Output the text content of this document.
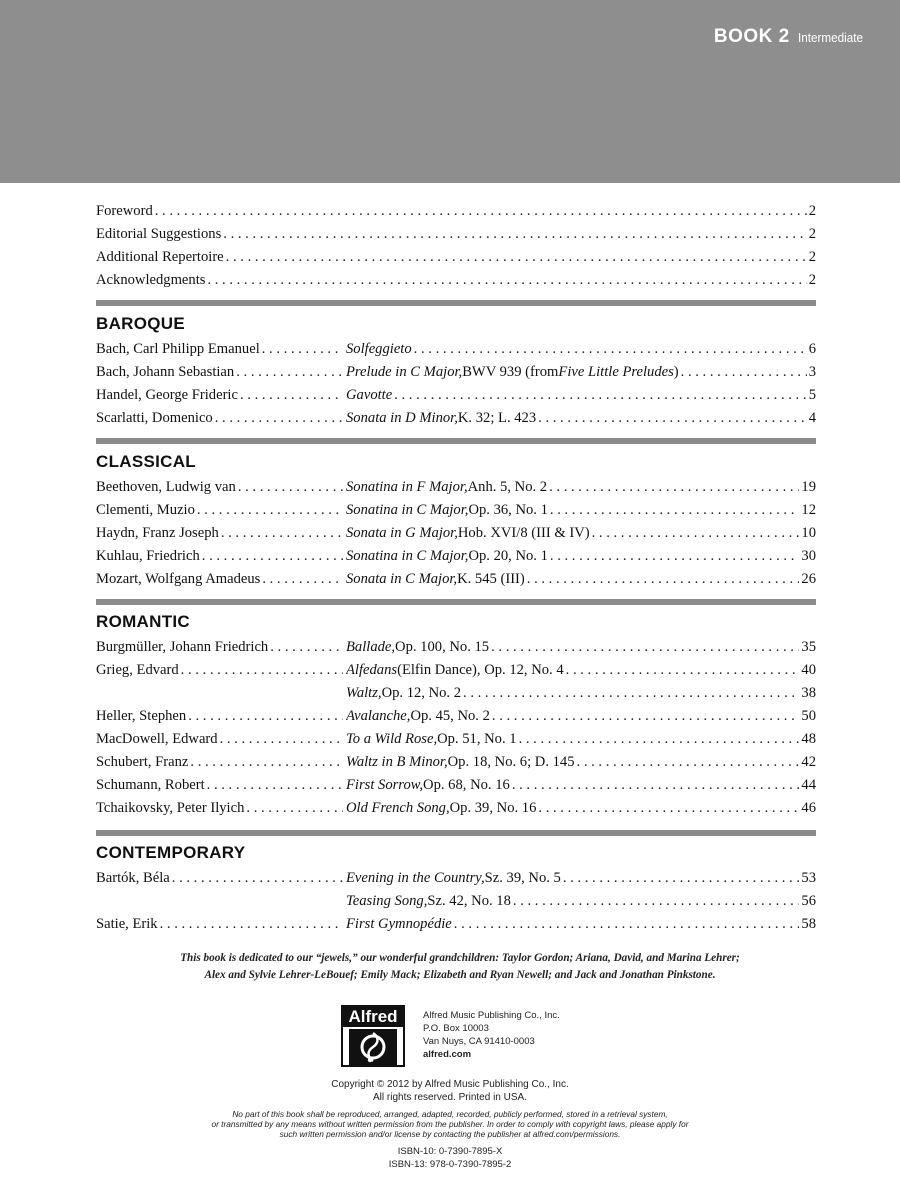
BOOK 2 Intermediate
Foreword . . .	2
Editorial Suggestions . . .	2
Additional Repertoire . . .	2
Acknowledgments . . .	2
BAROQUE
Bach, Carl Philipp Emanuel . . .	Solfeggieto . . .	6
Bach, Johann Sebastian . . .	Prelude in C Major, BWV 939 (from Five Little Preludes ) . . .	3
Handel, George Frideric . . .	Gavotte . . .	5
Scarlatti, Domenico . . .	Sonata in D Minor, K. 32; L. 423 . . .	4
CLASSICAL
Beethoven, Ludwig van . . .	Sonatina in F Major, Anh. 5, No. 2 . . .	19
Clementi, Muzio . . .	Sonatina in C Major, Op. 36, No. 1 . . .	12
Haydn, Franz Joseph . . .	Sonata in G Major, Hob. XVI/8 (III & IV) . . .	10
Kuhlau, Friedrich . . .	Sonatina in C Major, Op. 20, No. 1 . . .	30
Mozart, Wolfgang Amadeus . . .	Sonata in C Major, K. 545 (III) . . .	26
ROMANTIC
Burgmüller, Johann Friedrich . . .	Ballade, Op. 100, No. 15 . . .	35
Grieg, Edvard . . .	Alfedans (Elfin Dance), Op. 12, No. 4 . . .	40
Waltz, Op. 12, No. 2 . . .	38
Heller, Stephen . . .	Avalanche, Op. 45, No. 2 . . .	50
MacDowell, Edward . . .	To a Wild Rose, Op. 51, No. 1 . . .	48
Schubert, Franz . . .	Waltz in B Minor, Op. 18, No. 6; D. 145 . . .	42
Schumann, Robert . . .	First Sorrow, Op. 68, No. 16 . . .	44
Tchaikovsky, Peter Ilyich . . .	Old French Song, Op. 39, No. 16 . . .	46
CONTEMPORARY
Bartók, Béla . . .	Evening in the Country, Sz. 39, No. 5 . . .	53
Teasing Song, Sz. 42, No. 18 . . .	56
Satie, Erik . . .	First Gymnopédie . . .	58
This book is dedicated to our “jewels,” our wonderful grandchildren: Taylor Gordon; Ariana, David, and Marina Lehrer;
Alex and Sylvie Lehrer-LeBouef; Emily Mack; Elizabeth and Ryan Newell; and Jack and Jonathan Pinkstone.
Alfred	Alfred Music Publishing Co., Inc.
P.O. Box 10003
Van Nuys, CA 91410-0003
alfred.com
Copyright © 2012 by Alfred Music Publishing Co., Inc.
All rights reserved. Printed in USA.
No part of this book shall be reproduced, arranged, adapted, recorded, publicly performed, stored in a retrieval system,
or transmitted by any means without written permission from the publisher. In order to comply with copyright laws, please apply for
such written permission and/or license by contacting the publisher at alfred.com/permissions.
ISBN-10: 0-7390-7895-X
ISBN-13: 978-0-7390-7895-2
